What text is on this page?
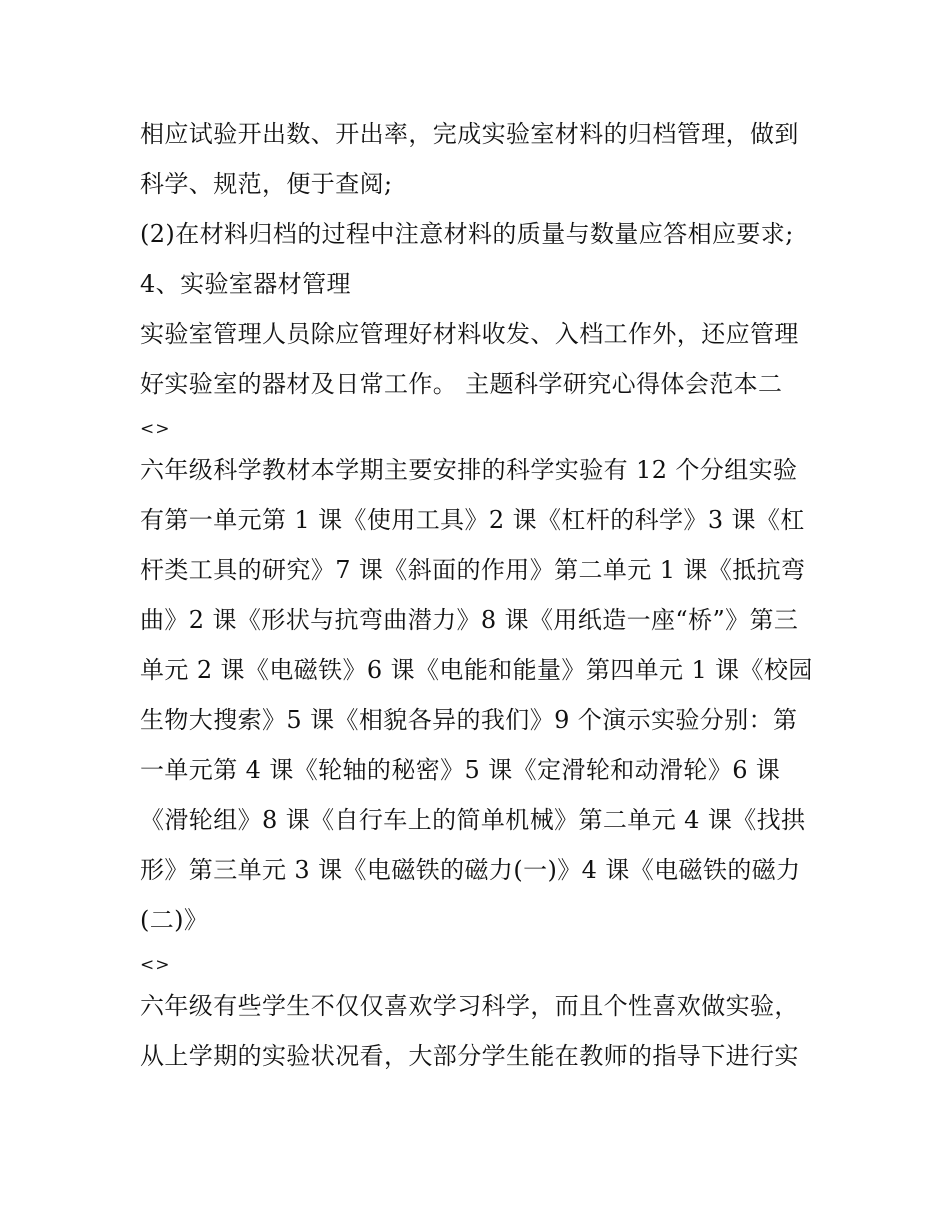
相应试验开出数、开出率，完成实验室材料的归档管理，做到
科学、规范，便于查阅;
(2)在材料归档的过程中注意材料的质量与数量应答相应要求;
4、实验室器材管理
实验室管理人员除应管理好材料收发、入档工作外，还应管理
好实验室的器材及日常工作。 主题科学研究心得体会范本二
<>
六年级科学教材本学期主要安排的科学实验有 12 个分组实验
有第一单元第 1 课《使用工具》2 课《杠杆的科学》3 课《杠
杆类工具的研究》7 课《斜面的作用》第二单元 1 课《抵抗弯
曲》2 课《形状与抗弯曲潜力》8 课《用纸造一座“桥”》第三
单元 2 课《电磁铁》6 课《电能和能量》第四单元 1 课《校园
生物大搜索》5 课《相貌各异的我们》9 个演示实验分别：第
一单元第 4 课《轮轴的秘密》5 课《定滑轮和动滑轮》6 课
《滑轮组》8 课《自行车上的简单机械》第二单元 4 课《找拱
形》第三单元 3 课《电磁铁的磁力(一)》4 课《电磁铁的磁力
(二)》
<>
六年级有些学生不仅仅喜欢学习科学，而且个性喜欢做实验，
从上学期的实验状况看，大部分学生能在教师的指导下进行实
